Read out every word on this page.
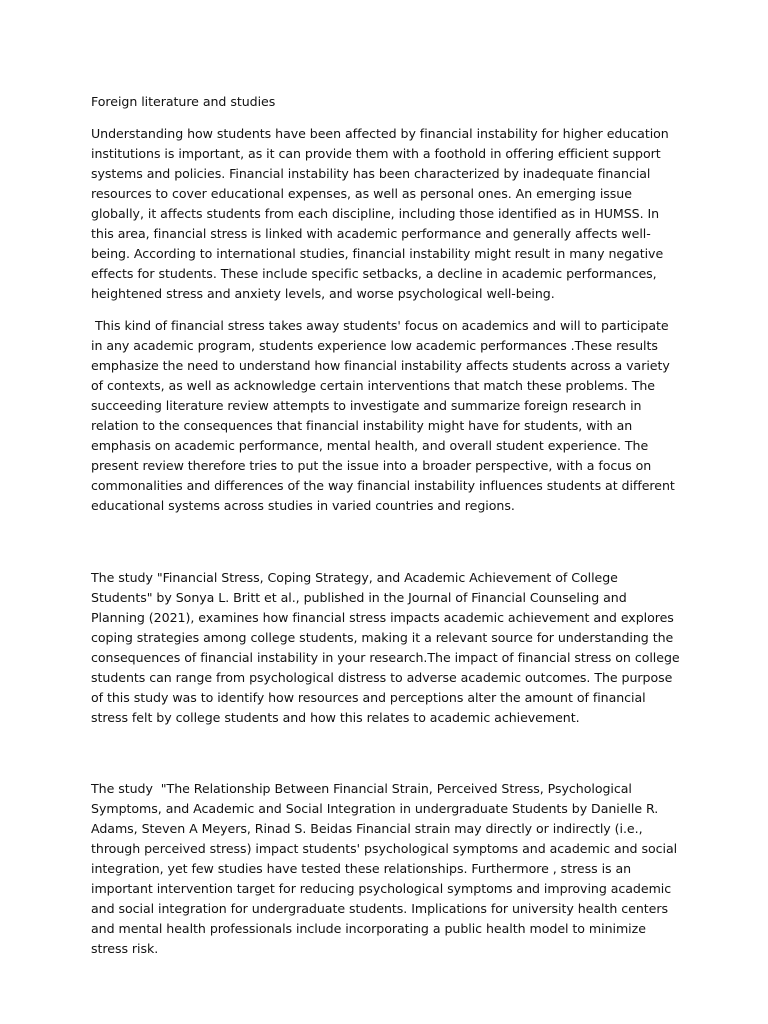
Foreign literature and studies

Understanding how students have been affected by financial instability for higher education institutions is important, as it can provide them with a foothold in offering efficient support systems and policies. Financial instability has been characterized by inadequate financial resources to cover educational expenses, as well as personal ones. An emerging issue globally, it affects students from each discipline, including those identified as in HUMSS. In this area, financial stress is linked with academic performance and generally affects well-being. According to international studies, financial instability might result in many negative effects for students. These include specific setbacks, a decline in academic performances, heightened stress and anxiety levels, and worse psychological well-being.

This kind of financial stress takes away students' focus on academics and will to participate in any academic program, students experience low academic performances .These results emphasize the need to understand how financial instability affects students across a variety of contexts, as well as acknowledge certain interventions that match these problems. The succeeding literature review attempts to investigate and summarize foreign research in relation to the consequences that financial instability might have for students, with an emphasis on academic performance, mental health, and overall student experience. The present review therefore tries to put the issue into a broader perspective, with a focus on commonalities and differences of the way financial instability influences students at different educational systems across studies in varied countries and regions.

The study "Financial Stress, Coping Strategy, and Academic Achievement of College Students" by Sonya L. Britt et al., published in the Journal of Financial Counseling and Planning (2021), examines how financial stress impacts academic achievement and explores coping strategies among college students, making it a relevant source for understanding the consequences of financial instability in your research.The impact of financial stress on college students can range from psychological distress to adverse academic outcomes. The purpose of this study was to identify how resources and perceptions alter the amount of financial stress felt by college students and how this relates to academic achievement.

The study  "The Relationship Between Financial Strain, Perceived Stress, Psychological Symptoms, and Academic and Social Integration in undergraduate Students by Danielle R. Adams, Steven A Meyers, Rinad S. Beidas Financial strain may directly or indirectly (i.e., through perceived stress) impact students' psychological symptoms and academic and social integration, yet few studies have tested these relationships. Furthermore , stress is an important intervention target for reducing psychological symptoms and improving academic and social integration for undergraduate students. Implications for university health centers and mental health professionals include incorporating a public health model to minimize stress risk.
